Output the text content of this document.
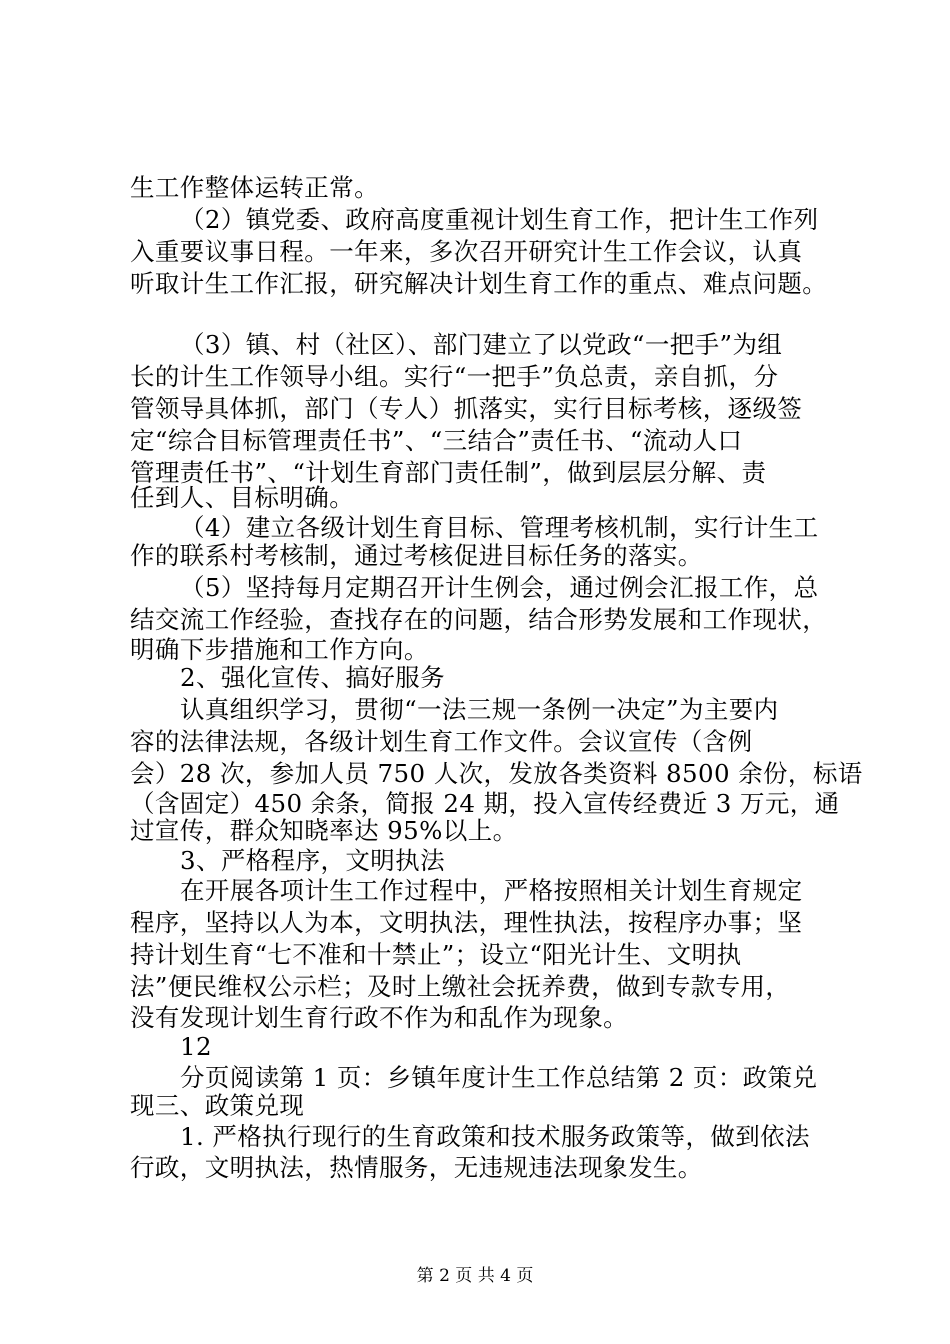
生工作整体运转正常。
（2）镇党委、政府高度重视计划生育工作，把计生工作列
入重要议事日程。一年来，多次召开研究计生工作会议，认真
听取计生工作汇报，研究解决计划生育工作的重点、难点问题。
（3）镇、村（社区）、部门建立了以党政“一把手”为组
长的计生工作领导小组。实行“一把手”负总责，亲自抓，分
管领导具体抓，部门（专人）抓落实，实行目标考核，逐级签
定“综合目标管理责任书”、“三结合”责任书、“流动人口
管理责任书”、“计划生育部门责任制”，做到层层分解、责
任到人、目标明确。
（4）建立各级计划生育目标、管理考核机制，实行计生工
作的联系村考核制，通过考核促进目标任务的落实。
（5）坚持每月定期召开计生例会，通过例会汇报工作，总
结交流工作经验，查找存在的问题，结合形势发展和工作现状，
明确下步措施和工作方向。
2、强化宣传、搞好服务
认真组织学习，贯彻“一法三规一条例一决定”为主要内
容的法律法规，各级计划生育工作文件。会议宣传（含例
会）28 次，参加人员 750 人次，发放各类资料 8500 余份，标语
（含固定）450 余条，简报 24 期，投入宣传经费近 3 万元，通
过宣传，群众知晓率达 95%以上。
3、严格程序，文明执法
在开展各项计生工作过程中，严格按照相关计划生育规定
程序，坚持以人为本，文明执法，理性执法，按程序办事；坚
持计划生育“七不准和十禁止”；设立“阳光计生、文明执
法”便民维权公示栏；及时上缴社会抚养费，做到专款专用，
没有发现计划生育行政不作为和乱作为现象。
12
分页阅读第 1 页：乡镇年度计生工作总结第 2 页：政策兑
现三、政策兑现
1. 严格执行现行的生育政策和技术服务政策等，做到依法
行政，文明执法，热情服务，无违规违法现象发生。
第 2 页 共 4 页
